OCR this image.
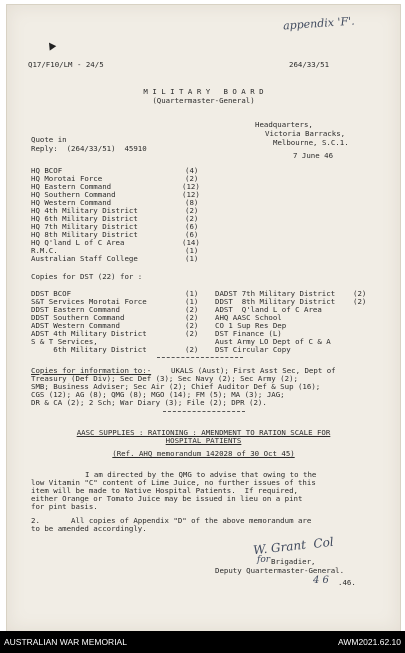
appendix 'F'.
Q17/F10/LM - 24/5	264/33/51
M I L I T A R Y   B O A R D
(Quartermaster-General)
Headquarters,
Victoria Barracks,
Melbourne, S.C.1.
Quote in
Reply:  (264/33/51)  45910
7 June 46
HQ BCOF	(4)
HQ Morotai Force	(2)
HQ Eastern Command	(12)
HQ Southern Command	(12)
HQ Western Command	(8)
HQ 4th Military District	(2)
HQ 6th Military District	(2)
HQ 7th Military District	(6)
HQ 8th Military District	(6)
HQ Q'land L of C Area	(14)
R.M.C.	(1)
Australian Staff College	(1)
Copies for DST (22) for :
DDST BCOF	(1)
S&T Services Morotai Force	(1)
DDST Eastern Command	(2)
DDST Southern Command	(2)
ADST Western Command	(2)
ADST 4th Military District	(2)
S & T Services,
6th Military District	(2)
DADST 7th Military District (2)
DDST  8th Military District (2)
ADST  Q'land L of C Area
AHQ AASC School
CO 1 Sup Res Dep
DST Finance (L)
Aust Army LO Dept of C & A
DST Circular Copy
Copies for information to:-	UKALS (Aust); First Asst Sec, Dept of
Treasury (Def Div); Sec Def (3); Sec Navy (2); Sec Army (2);
SMB; Business Adviser; Sec Air (2); Chief Auditor Def & Sup (16);
CGS (12); AG (8); QMG (8); MGO (14); FM (5); MA (3); JAG;
DR & CA (2); 2 Sch; War Diary (3); File (2); DPR (2).
AASC SUPPLIES : RATIONING : AMENDMENT TO RATION SCALE FOR
HOSPITAL PATIENTS
(Ref. AHQ memorandum 142028 of 30 Oct 45)
I am directed by the QMG to advise that owing to the
low Vitamin "C" content of Lime Juice, no further issues of this
item will be made to Native Hospital Patients.  If required,
either Orange or Tomato Juice may be issued in lieu on a pint
for pint basis.
2.       All copies of Appendix "D" of the above memorandum are
to be amended accordingly.
W. Grant  Col
for Brigadier,
Deputy Quartermaster-General.
4 6 .46.
AUSTRALIAN WAR MEMORIAL	AWM2021.62.10
